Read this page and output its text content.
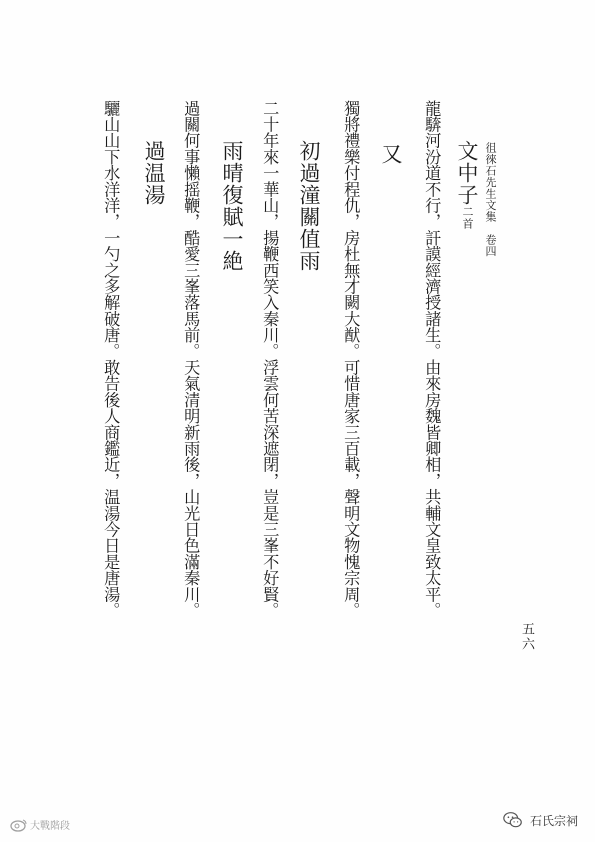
徂徠石先生文集　卷四
文中子二首
龍𩣺河汾道不行，訐謨經濟授諸生。由來房魏皆卿相，共輔文皇致太平。
又
獨將禮樂付程仇，房杜無才闕大猷。可惜唐家三百載，聲明文物愧宗周。
初過潼關值雨
二十年來一華山，揚鞭西笑入秦川。浮雲何苦深遮閉，豈是三峯不好賢。
雨晴復賦一絶
過關何事懶摇鞭，酷愛三峯落馬前。天氣清明新雨後，山光日色滿秦川。
過温湯
驪山山下水洋洋，一勺之多解破唐。敢告後人商鑑近，温湯今日是唐湯。
五六
大戰階段	石氏宗祠
